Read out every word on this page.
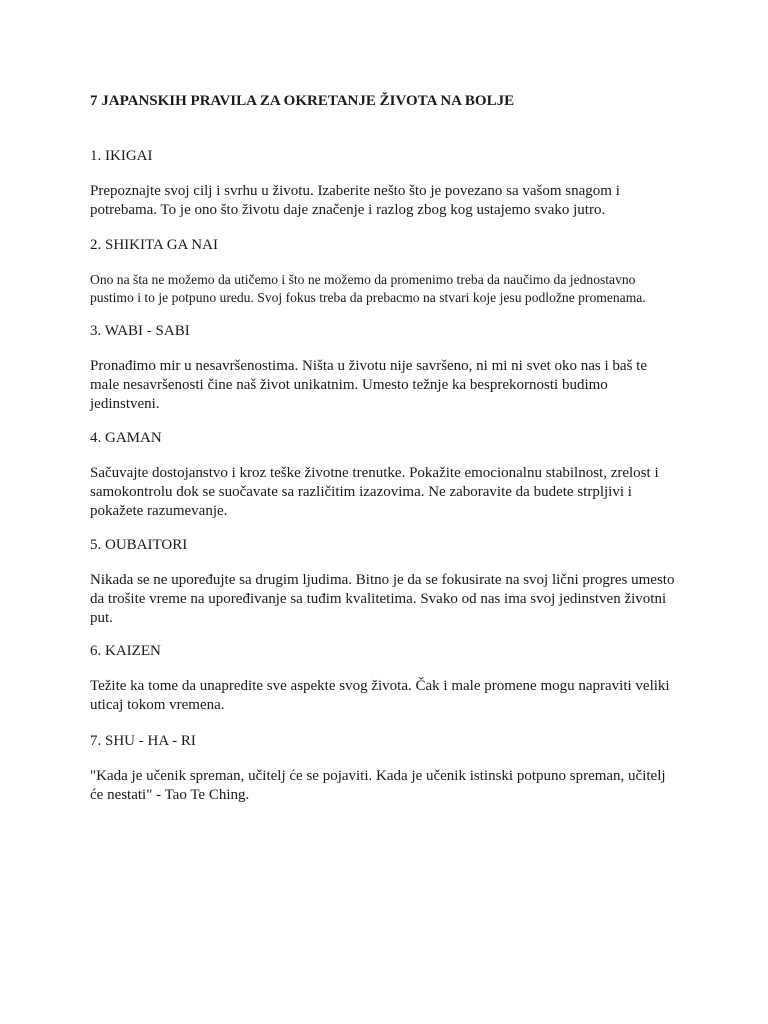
7 JAPANSKIH PRAVILA ZA OKRETANJE ŽIVOTA NA BOLJE
1. IKIGAI
Prepoznajte svoj cilj i svrhu u životu. Izaberite nešto što je povezano sa vašom snagom i
potrebama. To je ono što životu daje značenje i razlog zbog kog ustajemo svako jutro.
2. SHIKITA GA NAI
Ono na šta ne možemo da utičemo i što ne možemo da promenimo treba da naučimo da jednostavno
pustimo i to je potpuno uredu. Svoj fokus treba da prebacmo na stvari koje jesu podložne promenama.
3. WABI - SABI
Pronađimo mir u nesavršenostima. Ništa u životu nije savršeno, ni mi ni svet oko nas i baš te
male nesavršenosti čine naš život unikatnim. Umesto težnje ka besprekornosti budimo
jedinstveni.
4. GAMAN
Sačuvajte dostojanstvo i kroz teške životne trenutke. Pokažite emocionalnu stabilnost, zrelost i
samokontrolu dok se suočavate sa različitim izazovima. Ne zaboravite da budete strpljivi i
pokažete razumevanje.
5. OUBAITORI
Nikada se ne upoređujte sa drugim ljudima. Bitno je da se fokusirate na svoj lični progres umesto
da trošite vreme na upoređivanje sa tuđim kvalitetima. Svako od nas ima svoj jedinstven životni
put.
6. KAIZEN
Težite ka tome da unapredite sve aspekte svog života. Čak i male promene mogu napraviti veliki
uticaj tokom vremena.
7. SHU - HA - RI
"Kada je učenik spreman, učitelj će se pojaviti. Kada je učenik istinski potpuno spreman, učitelj
će nestati" - Tao Te Ching.
